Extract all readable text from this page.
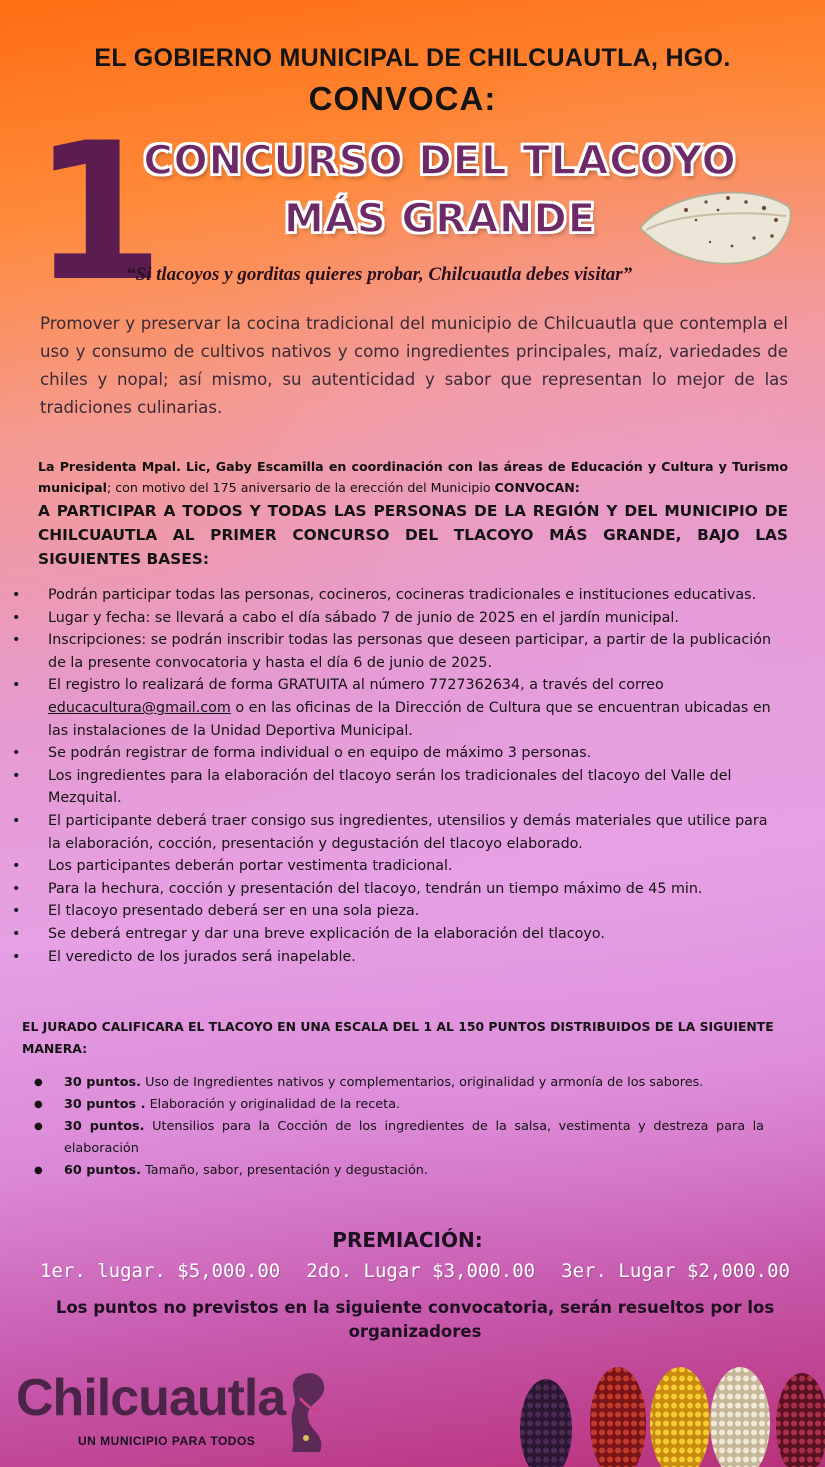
EL GOBIERNO MUNICIPAL DE CHILCUAUTLA, HGO.
CONVOCA:
1
CONCURSO DEL TLACOYO
MÁS GRANDE
“Si tlacoyos y gorditas quieres probar, Chilcuautla debes visitar”
Promover y preservar la cocina tradicional del municipio de Chilcuautla que contempla el uso y consumo de cultivos nativos y como ingredientes principales, maíz, variedades de chiles y nopal; así mismo, su autenticidad y sabor que representan lo mejor de las tradiciones culinarias.
La Presidenta Mpal. Lic, Gaby Escamilla en coordinación con las áreas de Educación y Cultura y Turismo municipal; con motivo del 175 aniversario de la erección del Municipio CONVOCAN:
A PARTICIPAR A TODOS Y TODAS LAS PERSONAS DE LA REGIÓN Y DEL MUNICIPIO DE CHILCUAUTLA AL PRIMER CONCURSO DEL TLACOYO MÁS GRANDE, BAJO LAS SIGUIENTES BASES:
• Podrán participar todas las personas, cocineros, cocineras tradicionales e instituciones educativas.
• Lugar y fecha: se llevará a cabo el día sábado 7 de junio de 2025 en el jardín municipal.
• Inscripciones: se podrán inscribir todas las personas que deseen participar, a partir de la publicación de la presente convocatoria y hasta el día 6 de junio de 2025.
• El registro lo realizará de forma GRATUITA al número 7727362634, a través del correo educacultura@gmail.com o en las oficinas de la Dirección de Cultura que se encuentran ubicadas en las instalaciones de la Unidad Deportiva Municipal.
• Se podrán registrar de forma individual o en equipo de máximo 3 personas.
• Los ingredientes para la elaboración del tlacoyo serán los tradicionales del tlacoyo del Valle del Mezquital.
• El participante deberá traer consigo sus ingredientes, utensilios y demás materiales que utilice para la elaboración, cocción, presentación y degustación del tlacoyo elaborado.
• Los participantes deberán portar vestimenta tradicional.
• Para la hechura, cocción y presentación del tlacoyo, tendrán un tiempo máximo de 45 min.
• El tlacoyo presentado deberá ser en una sola pieza.
• Se deberá entregar y dar una breve explicación de la elaboración del tlacoyo.
• El veredicto de los jurados será inapelable.
EL JURADO CALIFICARA EL TLACOYO EN UNA ESCALA DEL 1 AL 150 PUNTOS DISTRIBUIDOS DE LA SIGUIENTE MANERA:
● 30 puntos. Uso de Ingredientes nativos y complementarios, originalidad y armonía de los sabores.
● 30 puntos . Elaboración y originalidad de la receta.
● 30 puntos. Utensilios para la Cocción de los ingredientes de la salsa, vestimenta y destreza para la elaboración
● 60 puntos. Tamaño, sabor, presentación y degustación.
PREMIACIÓN:
1er. lugar. $5,000.00 2do. Lugar $3,000.00 3er. Lugar $2,000.00
Los puntos no previstos en la siguiente convocatoria, serán resueltos por los organizadores
Chilcuautla
UN MUNICIPIO PARA TODOS
